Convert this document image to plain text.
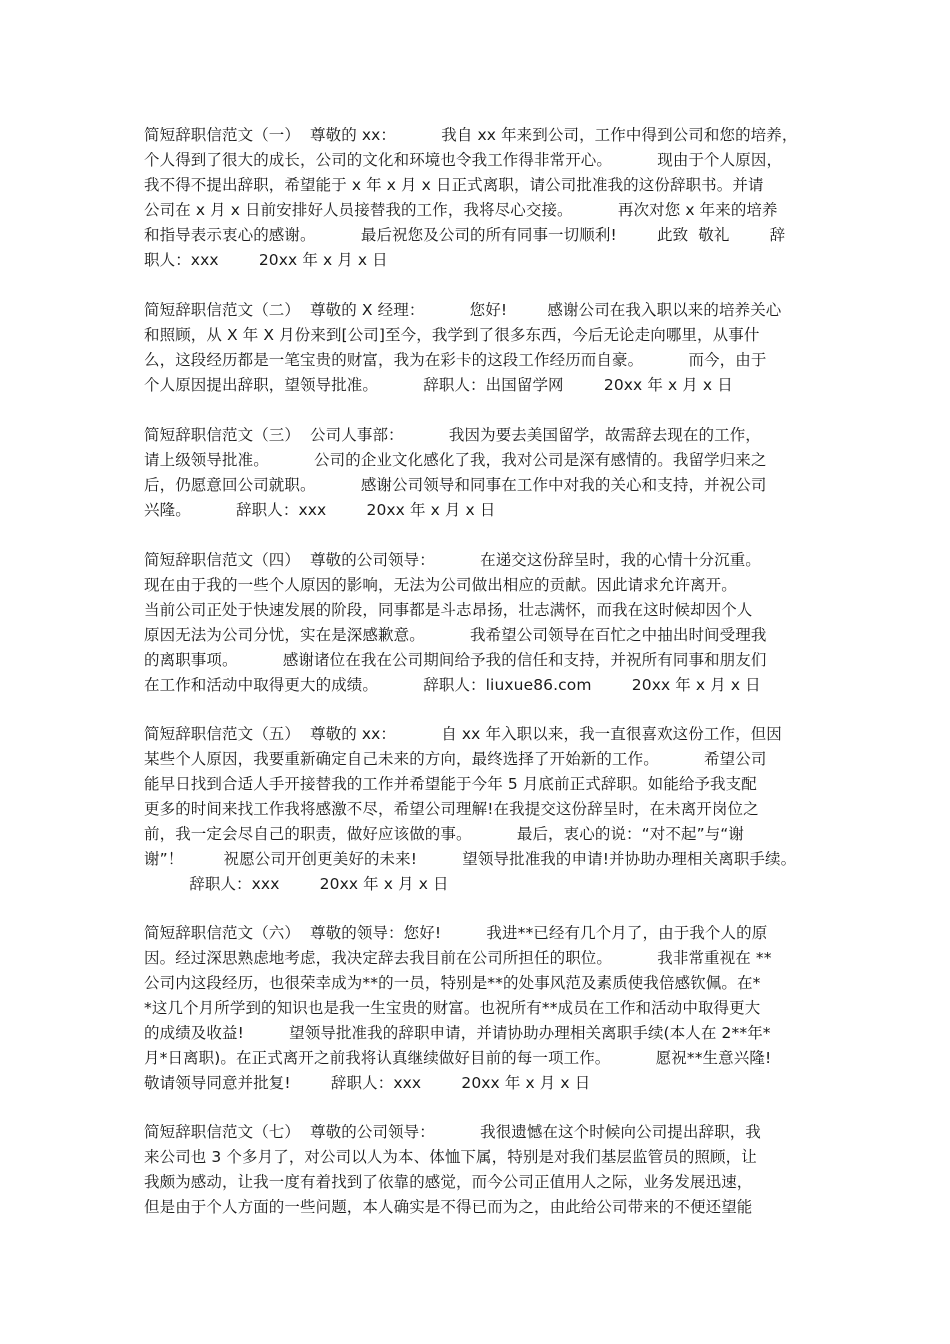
简短辞职信范文（一）  尊敬的 xx：         我自 xx 年来到公司，工作中得到公司和您的培养，
个人得到了很大的成长，公司的文化和环境也令我工作得非常开心。         现由于个人原因，
我不得不提出辞职，希望能于 x 年 x 月 x 日正式离职，请公司批准我的这份辞职书。并请
公司在 x 月 x 日前安排好人员接替我的工作，我将尽心交接。         再次对您 x 年来的培养
和指导表示衷心的感谢。         最后祝您及公司的所有同事一切顺利!        此致  敬礼        辞
职人：xxx        20xx 年 x 月 x 日
简短辞职信范文（二）  尊敬的 X 经理：         您好!        感谢公司在我入职以来的培养关心
和照顾，从 X 年 X 月份来到[公司]至今，我学到了很多东西，今后无论走向哪里，从事什
么，这段经历都是一笔宝贵的财富，我为在彩卡的这段工作经历而自豪。         而今，由于
个人原因提出辞职，望领导批准。         辞职人：出国留学网        20xx 年 x 月 x 日
简短辞职信范文（三）  公司人事部：         我因为要去美国留学，故需辞去现在的工作，
请上级领导批准。         公司的企业文化感化了我，我对公司是深有感情的。我留学归来之
后，仍愿意回公司就职。         感谢公司领导和同事在工作中对我的关心和支持，并祝公司
兴隆。         辞职人：xxx        20xx 年 x 月 x 日
简短辞职信范文（四）  尊敬的公司领导：         在递交这份辞呈时，我的心情十分沉重。
现在由于我的一些个人原因的影响，无法为公司做出相应的贡献。因此请求允许离开。
当前公司正处于快速发展的阶段，同事都是斗志昂扬，壮志满怀，而我在这时候却因个人
原因无法为公司分忧，实在是深感歉意。         我希望公司领导在百忙之中抽出时间受理我
的离职事项。         感谢诸位在我在公司期间给予我的信任和支持，并祝所有同事和朋友们
在工作和活动中取得更大的成绩。         辞职人：liuxue86.com        20xx 年 x 月 x 日
简短辞职信范文（五）  尊敬的 xx：         自 xx 年入职以来，我一直很喜欢这份工作，但因
某些个人原因，我要重新确定自己未来的方向，最终选择了开始新的工作。         希望公司
能早日找到合适人手开接替我的工作并希望能于今年 5 月底前正式辞职。如能给予我支配
更多的时间来找工作我将感激不尽，希望公司理解!在我提交这份辞呈时，在未离开岗位之
前，我一定会尽自己的职责，做好应该做的事。         最后，衷心的说：“对不起”与“谢
谢”！        祝愿公司开创更美好的未来!         望领导批准我的申请!并协助办理相关离职手续。
辞职人：xxx        20xx 年 x 月 x 日
简短辞职信范文（六）  尊敬的领导：您好!         我进**已经有几个月了，由于我个人的原
因。经过深思熟虑地考虑，我决定辞去我目前在公司所担任的职位。         我非常重视在 **
公司内这段经历，也很荣幸成为**的一员，特别是**的处事风范及素质使我倍感钦佩。在*
*这几个月所学到的知识也是我一生宝贵的财富。也祝所有**成员在工作和活动中取得更大
的成绩及收益!         望领导批准我的辞职申请，并请协助办理相关离职手续(本人在 2**年*
月*日离职)。在正式离开之前我将认真继续做好目前的每一项工作。         愿祝**生意兴隆!
敬请领导同意并批复!        辞职人：xxx        20xx 年 x 月 x 日
简短辞职信范文（七）  尊敬的公司领导：         我很遗憾在这个时候向公司提出辞职，我
来公司也 3 个多月了，对公司以人为本、体恤下属，特别是对我们基层监管员的照顾，让
我颇为感动，让我一度有着找到了依靠的感觉，而今公司正值用人之际，业务发展迅速，
但是由于个人方面的一些问题，本人确实是不得已而为之，由此给公司带来的不便还望能
